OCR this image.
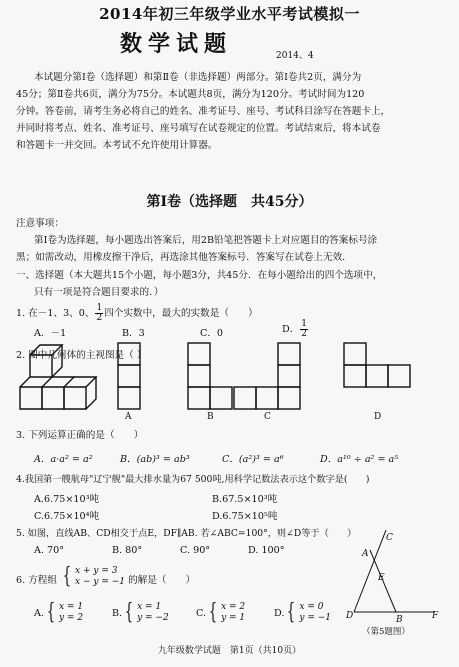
2014年初三年级学业水平考试模拟一
数学试题	2014、4
本试题分第Ⅰ卷（选择题）和第Ⅱ卷（非选择题）两部分。第Ⅰ卷共2页，满分为
45分；第Ⅱ卷共6页，满分为75分。本试题共8页，满分为120分。考试时间为120
分钟。答卷前，请考生务必将自己的姓名、准考证号、座号、考试科目涂写在答题卡上，
并同时将考点、姓名、准考证号、座号填写在试卷规定的位置。考试结束后，将本试卷
和答题卡一并交回。本考试不允许使用计算器。
第Ⅰ卷（选择题　共45分）
注意事项：
第Ⅰ卷为选择题，每小题选出答案后，用2B铅笔把答题卡上对应题目的答案标号涂
黑；如需改动，用橡皮擦干净后，再选涂其他答案标号．答案写在试卷上无效．
一、选择题（本大题共15个小题，每小题3分，共45分．在每小题给出的四个选项中，
只有一项是符合题目要求的．）
1. 在－1、3、0、 $\frac{1}{2}$ 四个实数中，最大的实数是（　　）
A．－1	B．3	C．0	D． $\frac{1}{2}$
2. 图中几何体的主视图是（ ）
A	B	C	D
3. 下列运算正确的是（　　）
A．a·a² = a²	B．(ab)³ = ab³	C．(a²)³ = a⁶	D．a¹⁰ ÷ a² = a⁵
4.我国第一艘航母"辽宁舰"最大排水量为67 500吨,用科学记数法表示这个数字是(　　)
A.6.75×10³吨	B.67.5×10³吨
C.6.75×10⁴吨	D.6.75×10⁵吨
5. 如图，直线AB、CD相交于点E，DF∥AB. 若∠ABC=100°，则∠D等于（　　）
A. 70°	B. 80°	C. 90°	D. 100°
C
A
E
B
D	F
（第5题图）
6. 方程组 { x + y = 3
x − y = −1 的解是（　　）
A. { x = 1
y = 2	B. { x = 1
y = −2	C. { x = 2
y = 1	D. { x = 0
y = −1
九年级数学试题　第1页（共10页）
